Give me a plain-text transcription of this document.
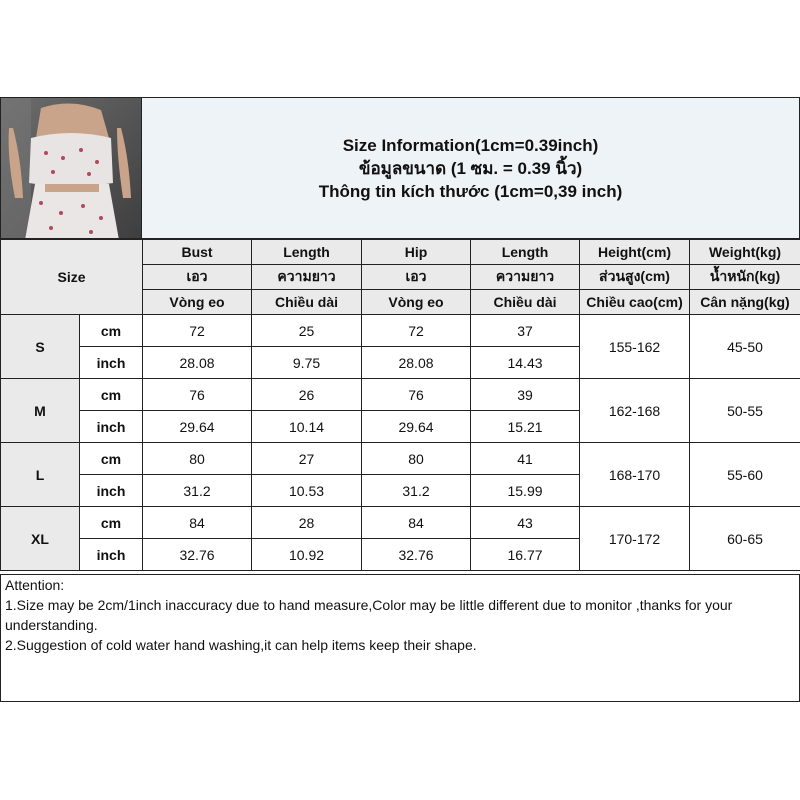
Size Information(1cm=0.39inch)
ข้อมูลขนาด (1 ซม. = 0.39 นิ้ว)
Thông tin kích thước (1cm=0,39 inch)
Size		Bust	Length	Hip	Length	Height(cm)	Weight(kg)
		เอว	ความยาว	เอว	ความยาว	ส่วนสูง(cm)	น้ำหนัก(kg)
		Vòng eo	Chiều dài	Vòng eo	Chiều dài	Chiều cao(cm)	Cân nặng(kg)
S	cm	72	25	72	37	155-162	45-50
	inch	28.08	9.75	28.08	14.43		
M	cm	76	26	76	39	162-168	50-55
	inch	29.64	10.14	29.64	15.21		
L	cm	80	27	80	41	168-170	55-60
	inch	31.2	10.53	31.2	15.99		
XL	cm	84	28	84	43	170-172	60-65
	inch	32.76	10.92	32.76	16.77		
Attention:
1.Size may be 2cm/1inch inaccuracy due to hand measure,Color may be little different due to monitor ,thanks for your understanding.
2.Suggestion of cold water hand washing,it can help items keep their shape.
